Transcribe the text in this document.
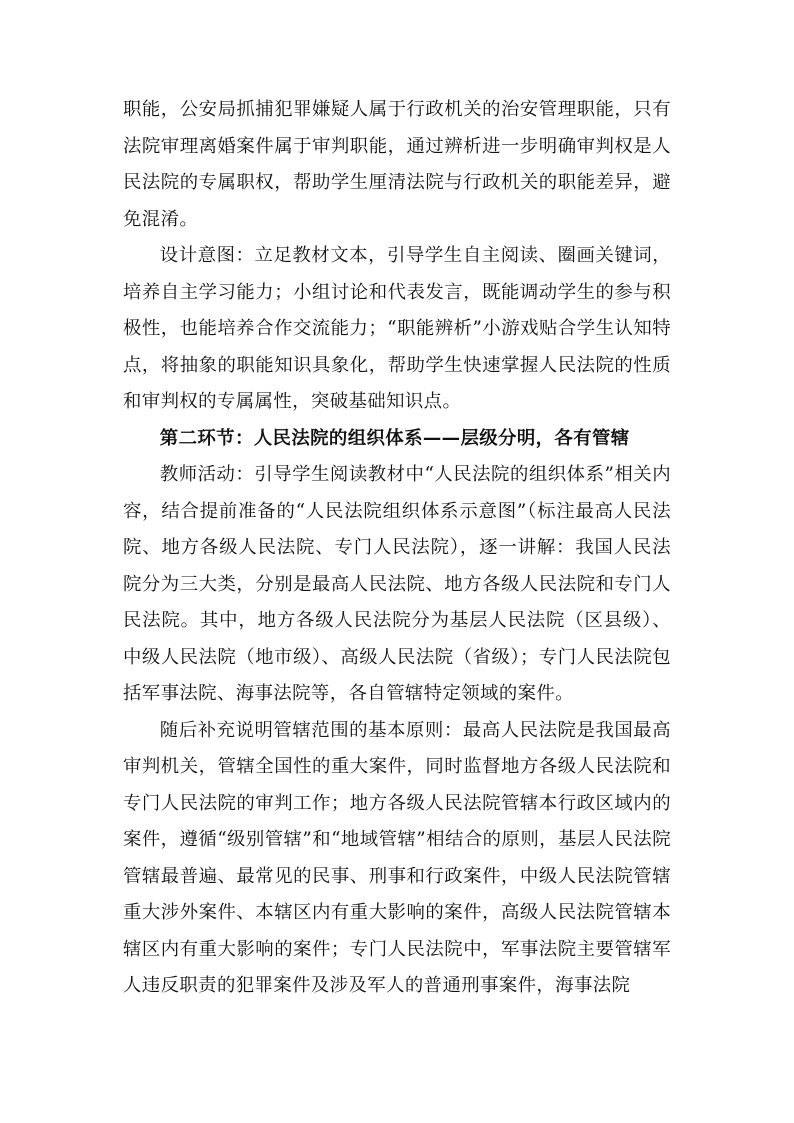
职能，公安局抓捕犯罪嫌疑人属于行政机关的治安管理职能，只有法院审理离婚案件属于审判职能，通过辨析进一步明确审判权是人民法院的专属职权，帮助学生厘清法院与行政机关的职能差异，避免混淆。

设计意图：立足教材文本，引导学生自主阅读、圈画关键词，培养自主学习能力；小组讨论和代表发言，既能调动学生的参与积极性，也能培养合作交流能力；“职能辨析”小游戏贴合学生认知特点，将抽象的职能知识具象化，帮助学生快速掌握人民法院的性质和审判权的专属属性，突破基础知识点。

第二环节：人民法院的组织体系——层级分明，各有管辖

教师活动：引导学生阅读教材中“人民法院的组织体系”相关内容，结合提前准备的“人民法院组织体系示意图”（标注最高人民法院、地方各级人民法院、专门人民法院），逐一讲解：我国人民法院分为三大类，分别是最高人民法院、地方各级人民法院和专门人民法院。其中，地方各级人民法院分为基层人民法院（区县级）、中级人民法院（地市级）、高级人民法院（省级）；专门人民法院包括军事法院、海事法院等，各自管辖特定领域的案件。

随后补充说明管辖范围的基本原则：最高人民法院是我国最高审判机关，管辖全国性的重大案件，同时监督地方各级人民法院和专门人民法院的审判工作；地方各级人民法院管辖本行政区域内的案件，遵循“级别管辖”和“地域管辖”相结合的原则，基层人民法院管辖最普遍、最常见的民事、刑事和行政案件，中级人民法院管辖重大涉外案件、本辖区内有重大影响的案件，高级人民法院管辖本辖区内有重大影响的案件；专门人民法院中，军事法院主要管辖军人违反职责的犯罪案件及涉及军人的普通刑事案件，海事法院
